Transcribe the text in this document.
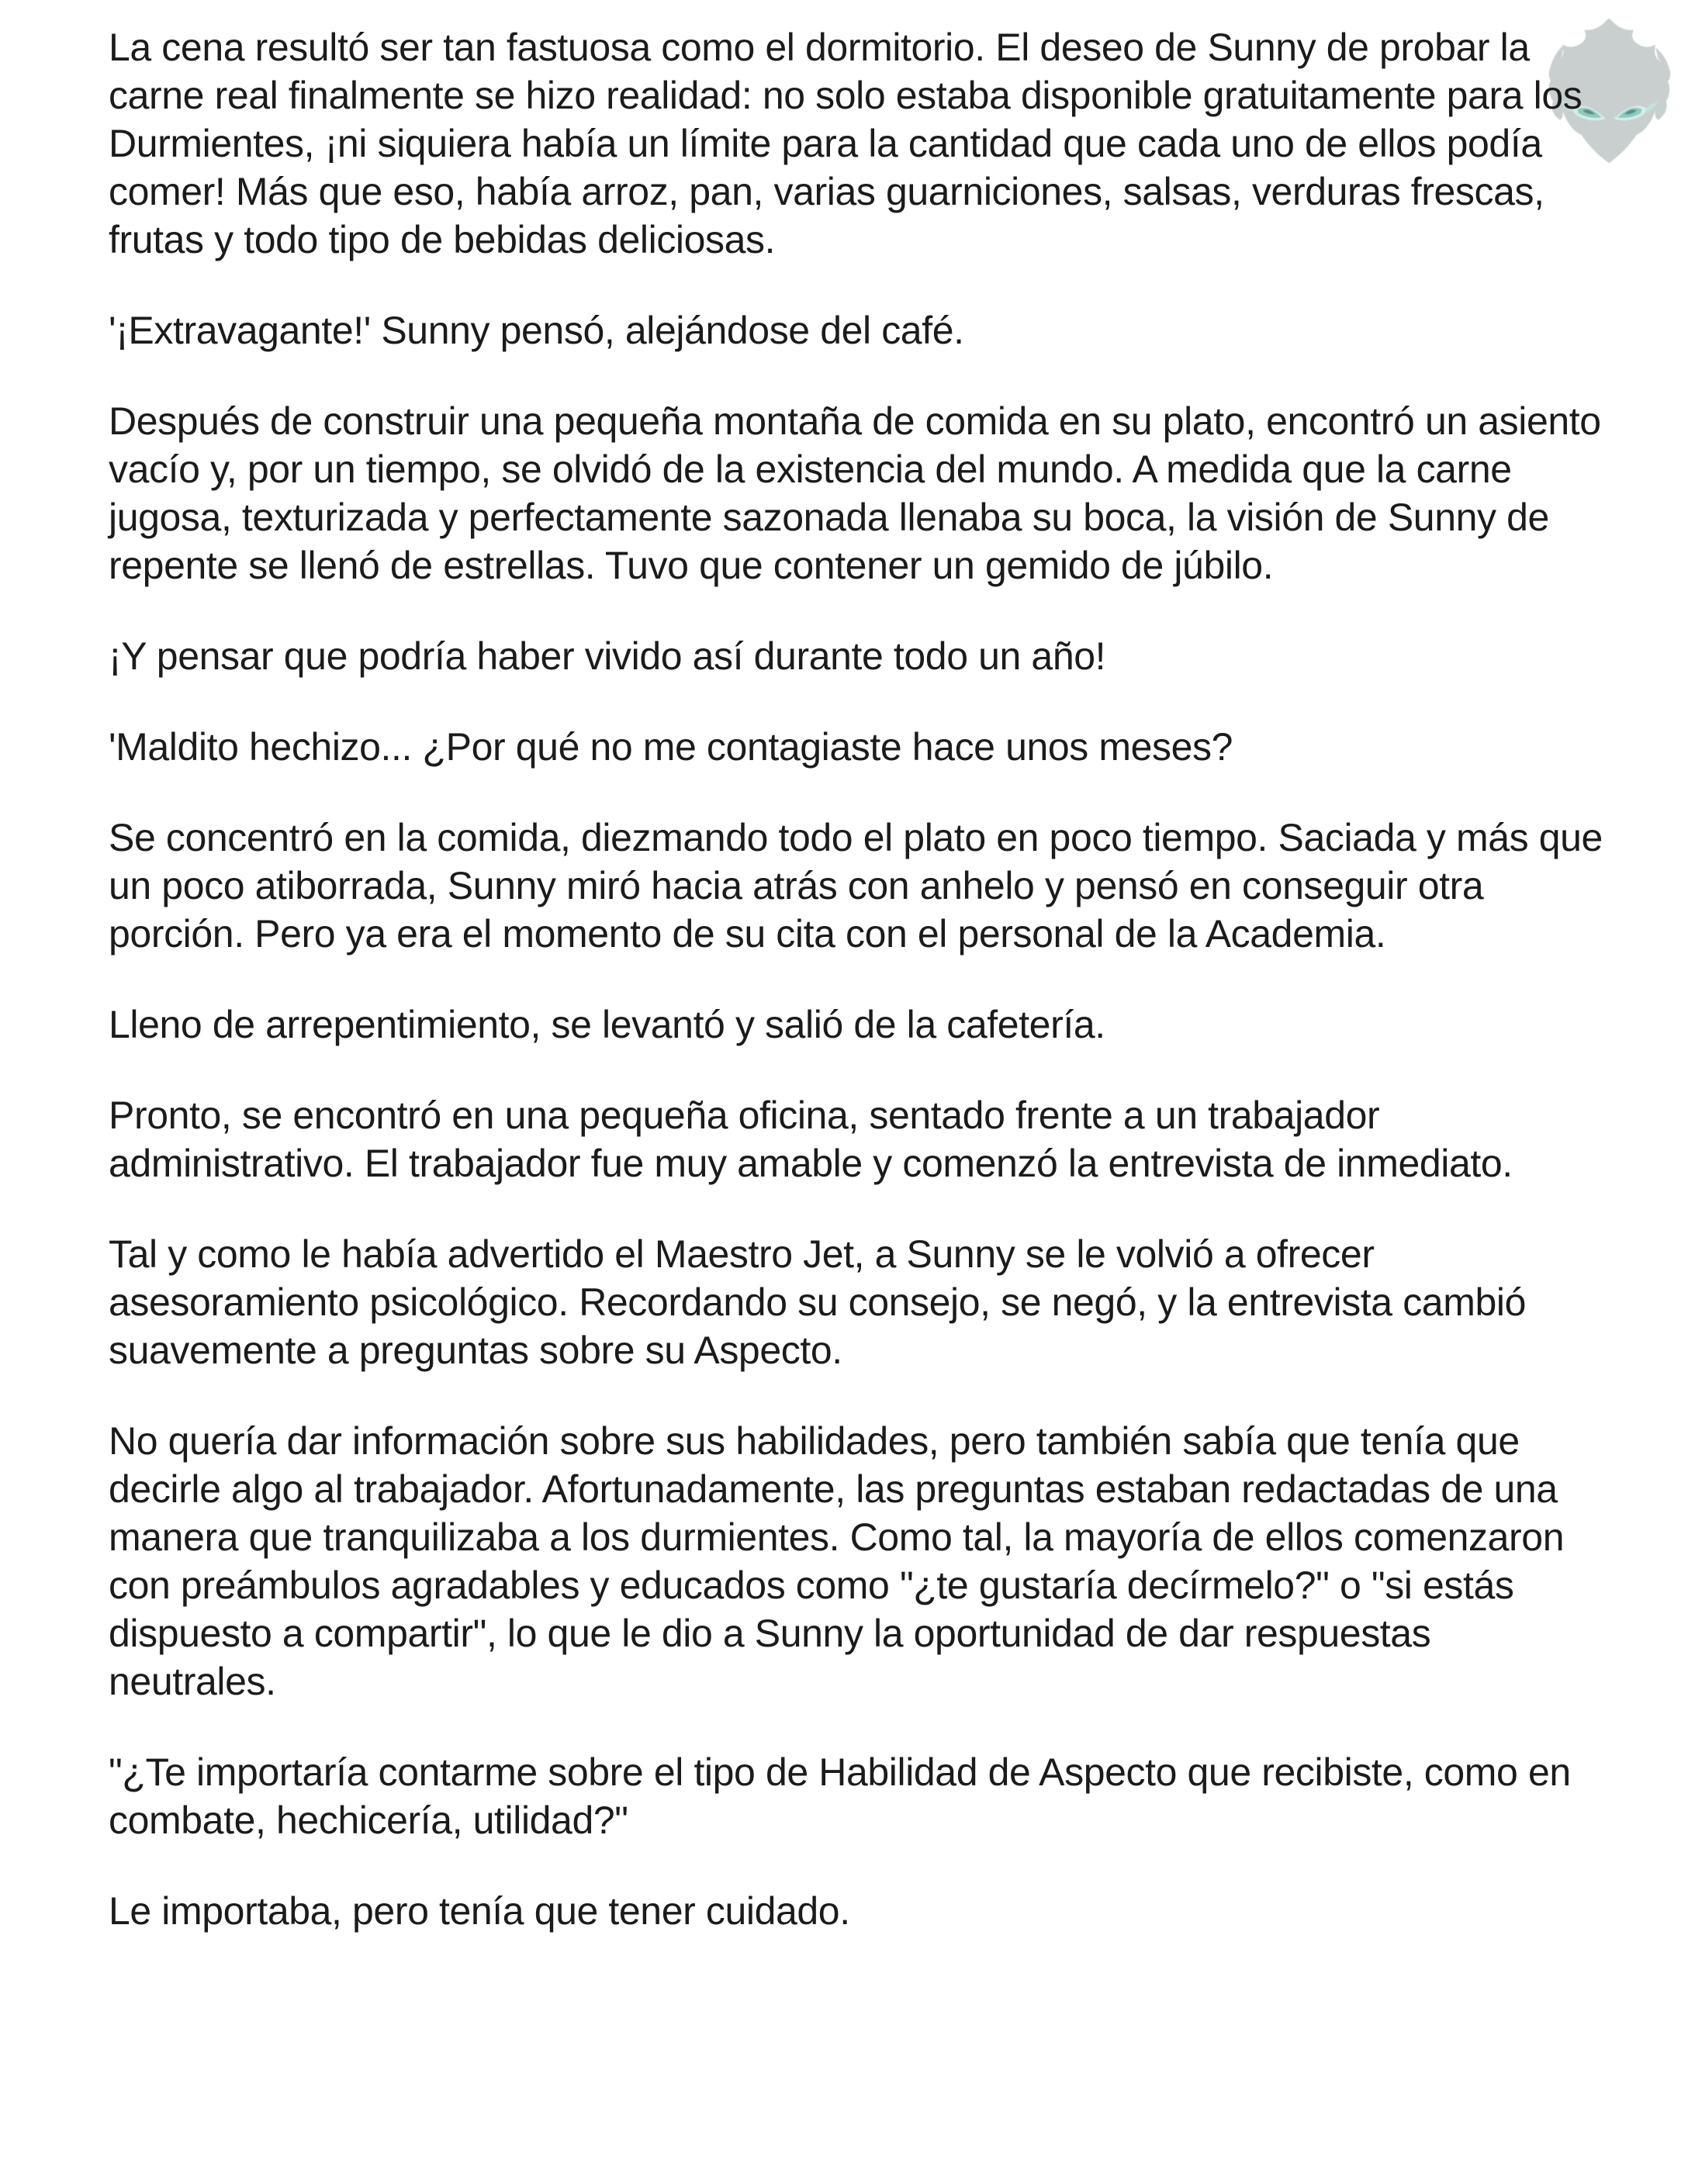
La cena resultó ser tan fastuosa como el dormitorio. El deseo de Sunny de probar la carne real finalmente se hizo realidad: no solo estaba disponible gratuitamente para los Durmientes, ¡ni siquiera había un límite para la cantidad que cada uno de ellos podía comer! Más que eso, había arroz, pan, varias guarniciones, salsas, verduras frescas, frutas y todo tipo de bebidas deliciosas.

'¡Extravagante!' Sunny pensó, alejándose del café.

Después de construir una pequeña montaña de comida en su plato, encontró un asiento vacío y, por un tiempo, se olvidó de la existencia del mundo. A medida que la carne jugosa, texturizada y perfectamente sazonada llenaba su boca, la visión de Sunny de repente se llenó de estrellas. Tuvo que contener un gemido de júbilo.

¡Y pensar que podría haber vivido así durante todo un año!

'Maldito hechizo... ¿Por qué no me contagiaste hace unos meses?

Se concentró en la comida, diezmando todo el plato en poco tiempo. Saciada y más que un poco atiborrada, Sunny miró hacia atrás con anhelo y pensó en conseguir otra porción. Pero ya era el momento de su cita con el personal de la Academia.

Lleno de arrepentimiento, se levantó y salió de la cafetería.

Pronto, se encontró en una pequeña oficina, sentado frente a un trabajador administrativo. El trabajador fue muy amable y comenzó la entrevista de inmediato.

Tal y como le había advertido el Maestro Jet, a Sunny se le volvió a ofrecer asesoramiento psicológico. Recordando su consejo, se negó, y la entrevista cambió suavemente a preguntas sobre su Aspecto.

No quería dar información sobre sus habilidades, pero también sabía que tenía que decirle algo al trabajador. Afortunadamente, las preguntas estaban redactadas de una manera que tranquilizaba a los durmientes. Como tal, la mayoría de ellos comenzaron con preámbulos agradables y educados como "¿te gustaría decírmelo?" o "si estás dispuesto a compartir", lo que le dio a Sunny la oportunidad de dar respuestas neutrales.

"¿Te importaría contarme sobre el tipo de Habilidad de Aspecto que recibiste, como en combate, hechicería, utilidad?"

Le importaba, pero tenía que tener cuidado.
